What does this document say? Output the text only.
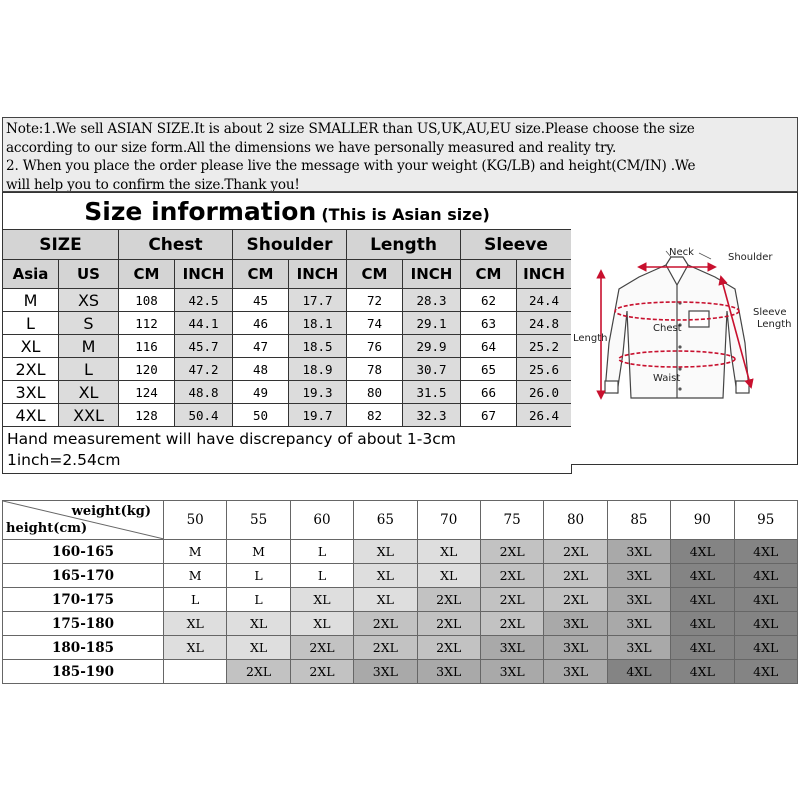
Note:1.We sell ASIAN SIZE.It is about 2 size SMALLER than US,UK,AU,EU size.Please choose the size
according to our size form.All the dimensions we have personally measured and reality try.
2. When you place the order please live the message with your weight (KG/LB) and height(CM/IN) .We
will help you to confirm the size.Thank you!
Size information (This is Asian size)									
SIZE		Chest		Shoulder		Length		Sleeve	
Asia	US	CM	INCH	CM	INCH	CM	INCH	CM	INCH
M	XS	108	42.5	45	17.7	72	28.3	62	24.4
L	S	112	44.1	46	18.1	74	29.1	63	24.8
XL	M	116	45.7	47	18.5	76	29.9	64	25.2
2XL	L	120	47.2	48	18.9	78	30.7	65	25.6
3XL	XL	124	48.8	49	19.3	80	31.5	66	26.0
4XL	XXL	128	50.4	50	19.7	82	32.3	67	26.4

Hand measurement will have discrepancy of about 1-3cm
1inch=2.54cm									
Neck	Shoulder
Sleeve
Length
Length
Chest
Waist
weight(kg)
height(cm)	50	55	60	65	70	75	80	85	90	95
160-165	M	M	L	XL	XL	2XL	2XL	3XL	4XL	4XL
165-170	M	L	L	XL	XL	2XL	2XL	3XL	4XL	4XL
170-175	L	L	XL	XL	2XL	2XL	2XL	3XL	4XL	4XL
175-180	XL	XL	XL	2XL	2XL	2XL	3XL	3XL	4XL	4XL
180-185	XL	XL	2XL	2XL	2XL	3XL	3XL	3XL	4XL	4XL
185-190		2XL	2XL	3XL	3XL	3XL	3XL	4XL	4XL	4XL
